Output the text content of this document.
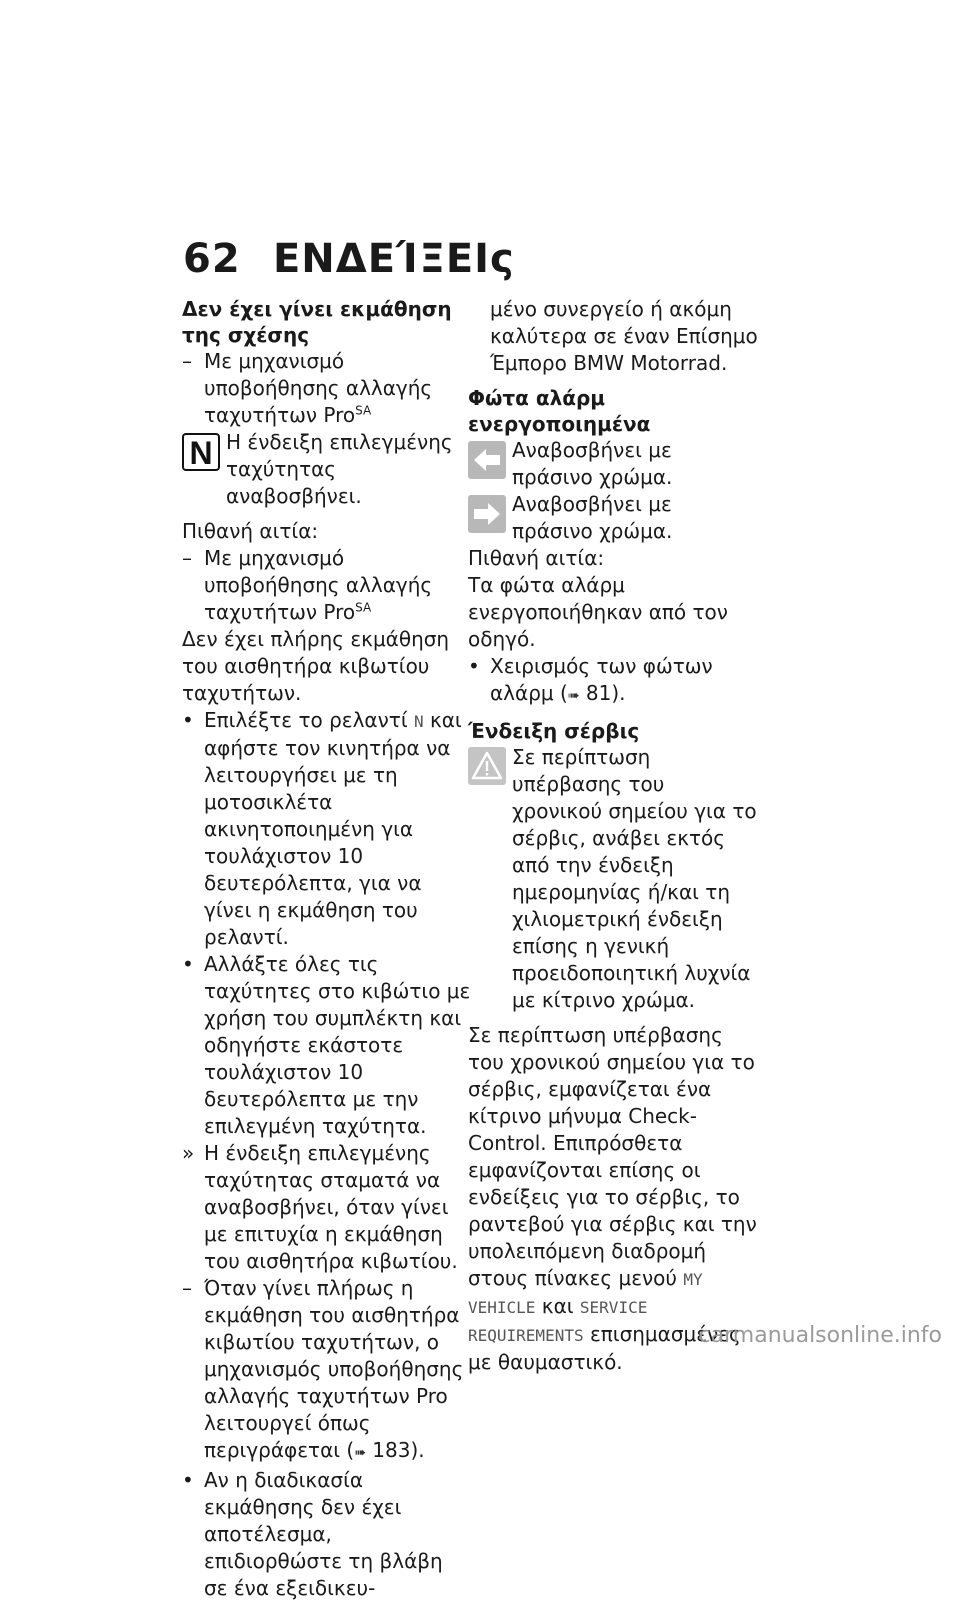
62 ΕΝΔΕΊΞΕΙς

Δεν έχει γίνει εκμάθηση της σχέσης

– Με μηχανισμό υποβοήθησης αλλαγής ταχυτήτων Pro$^{SA}$
N Η ένδειξη επιλεγμένης ταχύτητας αναβοσβήνει.

Πιθανή αιτία:

– Με μηχανισμό υποβοήθησης αλλαγής ταχυτήτων Pro$^{SA}$

Δεν έχει πλήρης εκμάθηση του αισθητήρα κιβωτίου ταχυτήτων.

• Επιλέξτε το ρελαντί N και αφήστε τον κινητήρα να λειτουργήσει με τη μοτοσικλέτα ακινητοποιημένη για τουλάχιστον 10 δευτερόλεπτα, για να γίνει η εκμάθηση του ρελαντί.
• Αλλάξτε όλες τις ταχύτητες στο κιβώτιο με χρήση του συμπλέκτη και οδηγήστε εκάστοτε τουλάχιστον 10 δευτερόλεπτα με την επιλεγμένη ταχύτητα.
» Η ένδειξη επιλεγμένης ταχύτητας σταματά να αναβοσβήνει, όταν γίνει με επιτυχία η εκμάθηση του αισθητήρα κιβωτίου.
– Όταν γίνει πλήρως η εκμάθηση του αισθητήρα κιβωτίου ταχυτήτων, ο μηχανισμός υποβοήθησης αλλαγής ταχυτήτων Pro λειτουργεί όπως περιγράφεται (➠ 183).
• Αν η διαδικασία εκμάθησης δεν έχει αποτέλεσμα, επιδιορθώστε τη βλάβη σε ένα εξειδικευ-

μένο συνεργείο ή ακόμη καλύτερα σε έναν Επίσημο Έμπορο BMW Motorrad.

Φώτα αλάρμ ενεργοποιημένα

Αναβοσβήνει με πράσινο χρώμα.

Αναβοσβήνει με πράσινο χρώμα.

Πιθανή αιτία:

Τα φώτα αλάρμ ενεργοποιήθηκαν από τον οδηγό.

• Χειρισμός των φώτων αλάρμ (➠ 81).

Ένδειξη σέρβις

Σε περίπτωση υπέρβασης του χρονικού σημείου για το σέρβις, ανάβει εκτός από την ένδειξη ημερομηνίας ή/και τη χιλιομετρική ένδειξη επίσης η γενική προειδοποιητική λυχνία με κίτρινο χρώμα.

Σε περίπτωση υπέρβασης του χρονικού σημείου για το σέρβις, εμφανίζεται ένα κίτρινο μήνυμα Check-Control. Επιπρόσθετα εμφανίζονται επίσης οι ενδείξεις για το σέρβις, το ραντεβού για σέρβις και την υπολειπόμενη διαδρομή στους πίνακες μενού MY VEHICLE και SERVICE REQUIREMENTS επισημασμένες με θαυμαστικό.

carmanualsonline.info
